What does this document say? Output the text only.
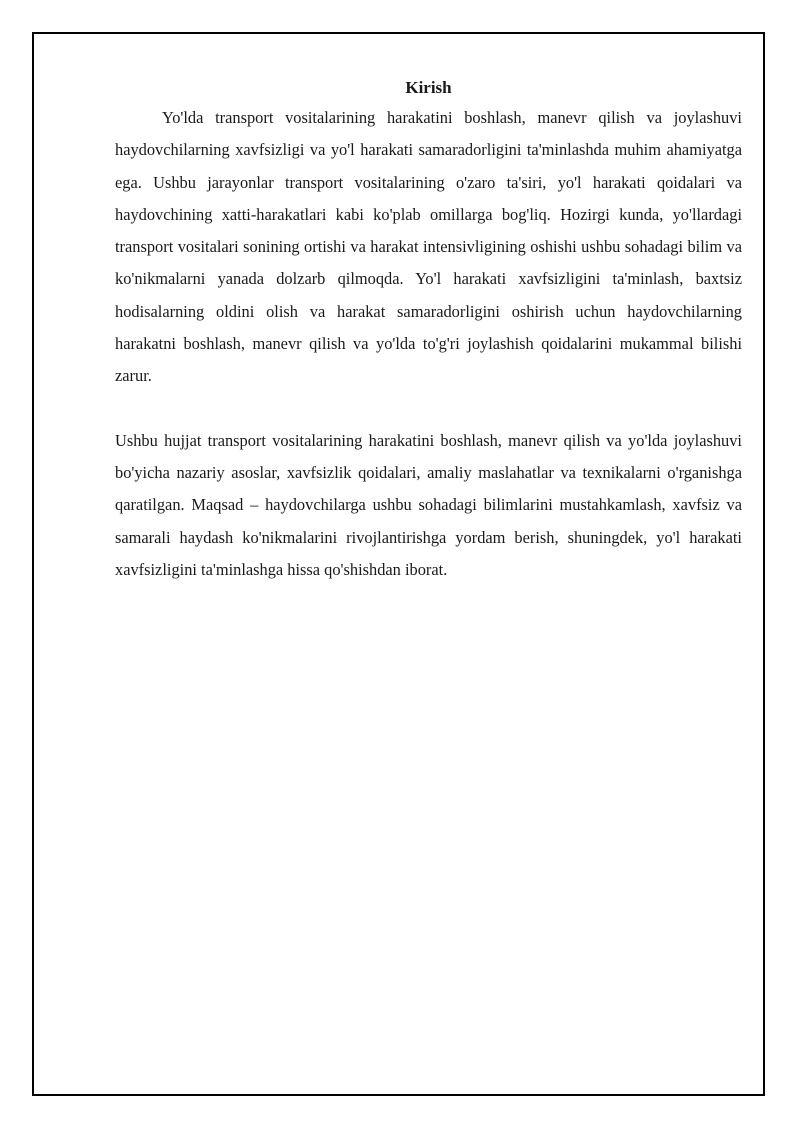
Kirish

Yo'lda transport vositalarining harakatini boshlash, manevr qilish va joylashuvi haydovchilarning xavfsizligi va yo'l harakati samaradorligini ta'minlashda muhim ahamiyatga ega. Ushbu jarayonlar transport vositalarining o'zaro ta'siri, yo'l harakati qoidalari va haydovchining xatti-harakatlari kabi ko'plab omillarga bog'liq. Hozirgi kunda, yo'llardagi transport vositalari sonining ortishi va harakat intensivligining oshishi ushbu sohadagi bilim va ko'nikmalarni yanada dolzarb qilmoqda. Yo'l harakati xavfsizligini ta'minlash, baxtsiz hodisalarning oldini olish va harakat samaradorligini oshirish uchun haydovchilarning harakatni boshlash, manevr qilish va yo'lda to'g'ri joylashish qoidalarini mukammal bilishi zarur.

Ushbu hujjat transport vositalarining harakatini boshlash, manevr qilish va yo'lda joylashuvi bo'yicha nazariy asoslar, xavfsizlik qoidalari, amaliy maslahatlar va texnikalarni o'rganishga qaratilgan. Maqsad – haydovchilarga ushbu sohadagi bilimlarini mustahkamlash, xavfsiz va samarali haydash ko'nikmalarini rivojlantirishga yordam berish, shuningdek, yo'l harakati xavfsizligini ta'minlashga hissa qo'shishdan iborat.
